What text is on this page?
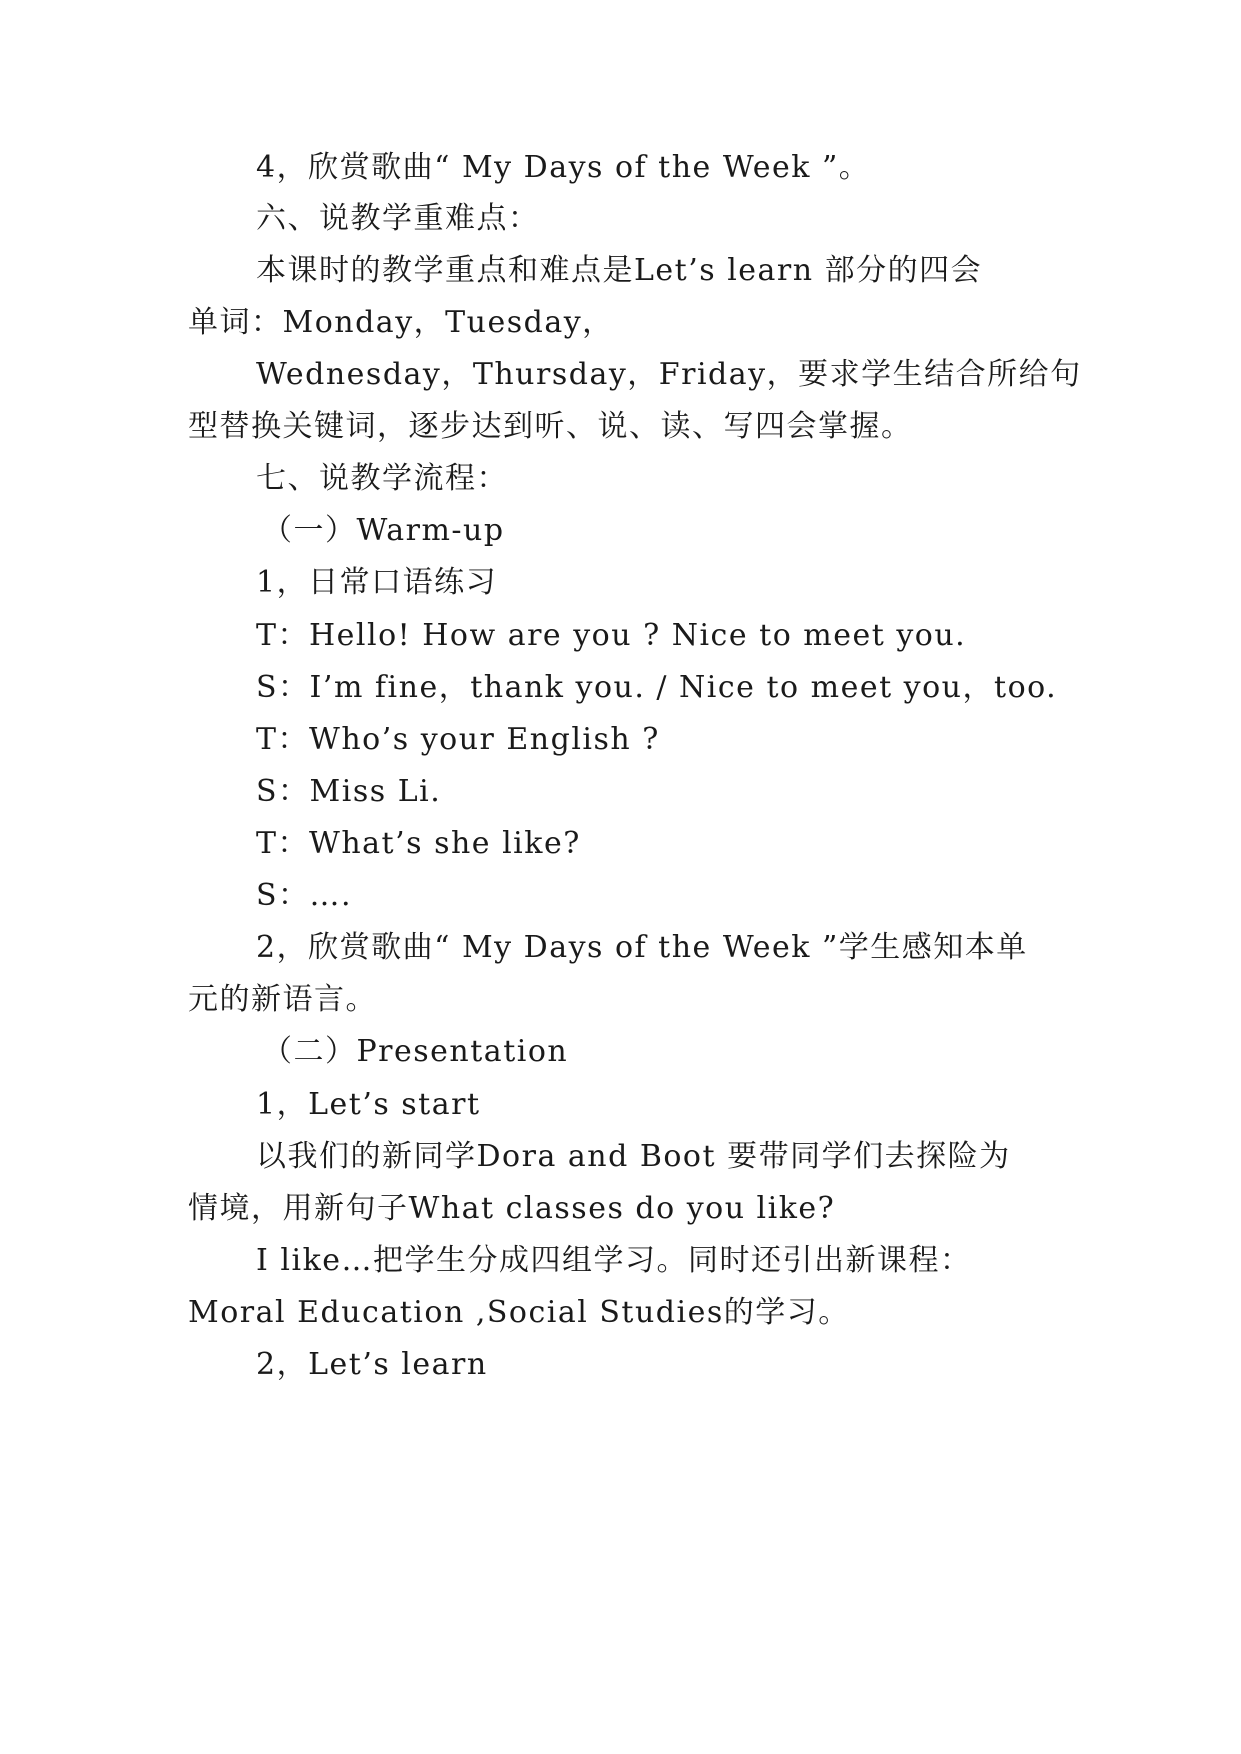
4，欣赏歌曲“ My Days of the Week ”。

六、说教学重难点：

本课时的教学重点和难点是Let’s learn 部分的四会

单词：Monday，Tuesday，

Wednesday，Thursday，Friday，要求学生结合所给句

型替换关键词，逐步达到听、说、读、写四会掌握。

七、说教学流程：

（一）Warm-up

1，日常口语练习

T：Hello! How are you ? Nice to meet you.

S：I’m fine，thank you. / Nice to meet you，too.

T：Who’s your English ?

S：Miss Li.

T：What’s she like?

S：….

2，欣赏歌曲“ My Days of the Week ”学生感知本单

元的新语言。

（二）Presentation

1，Let’s start

以我们的新同学Dora and Boot 要带同学们去探险为

情境，用新句子What classes do you like?

I like…把学生分成四组学习。同时还引出新课程：

Moral Education ,Social Studies的学习。

2，Let’s learn
